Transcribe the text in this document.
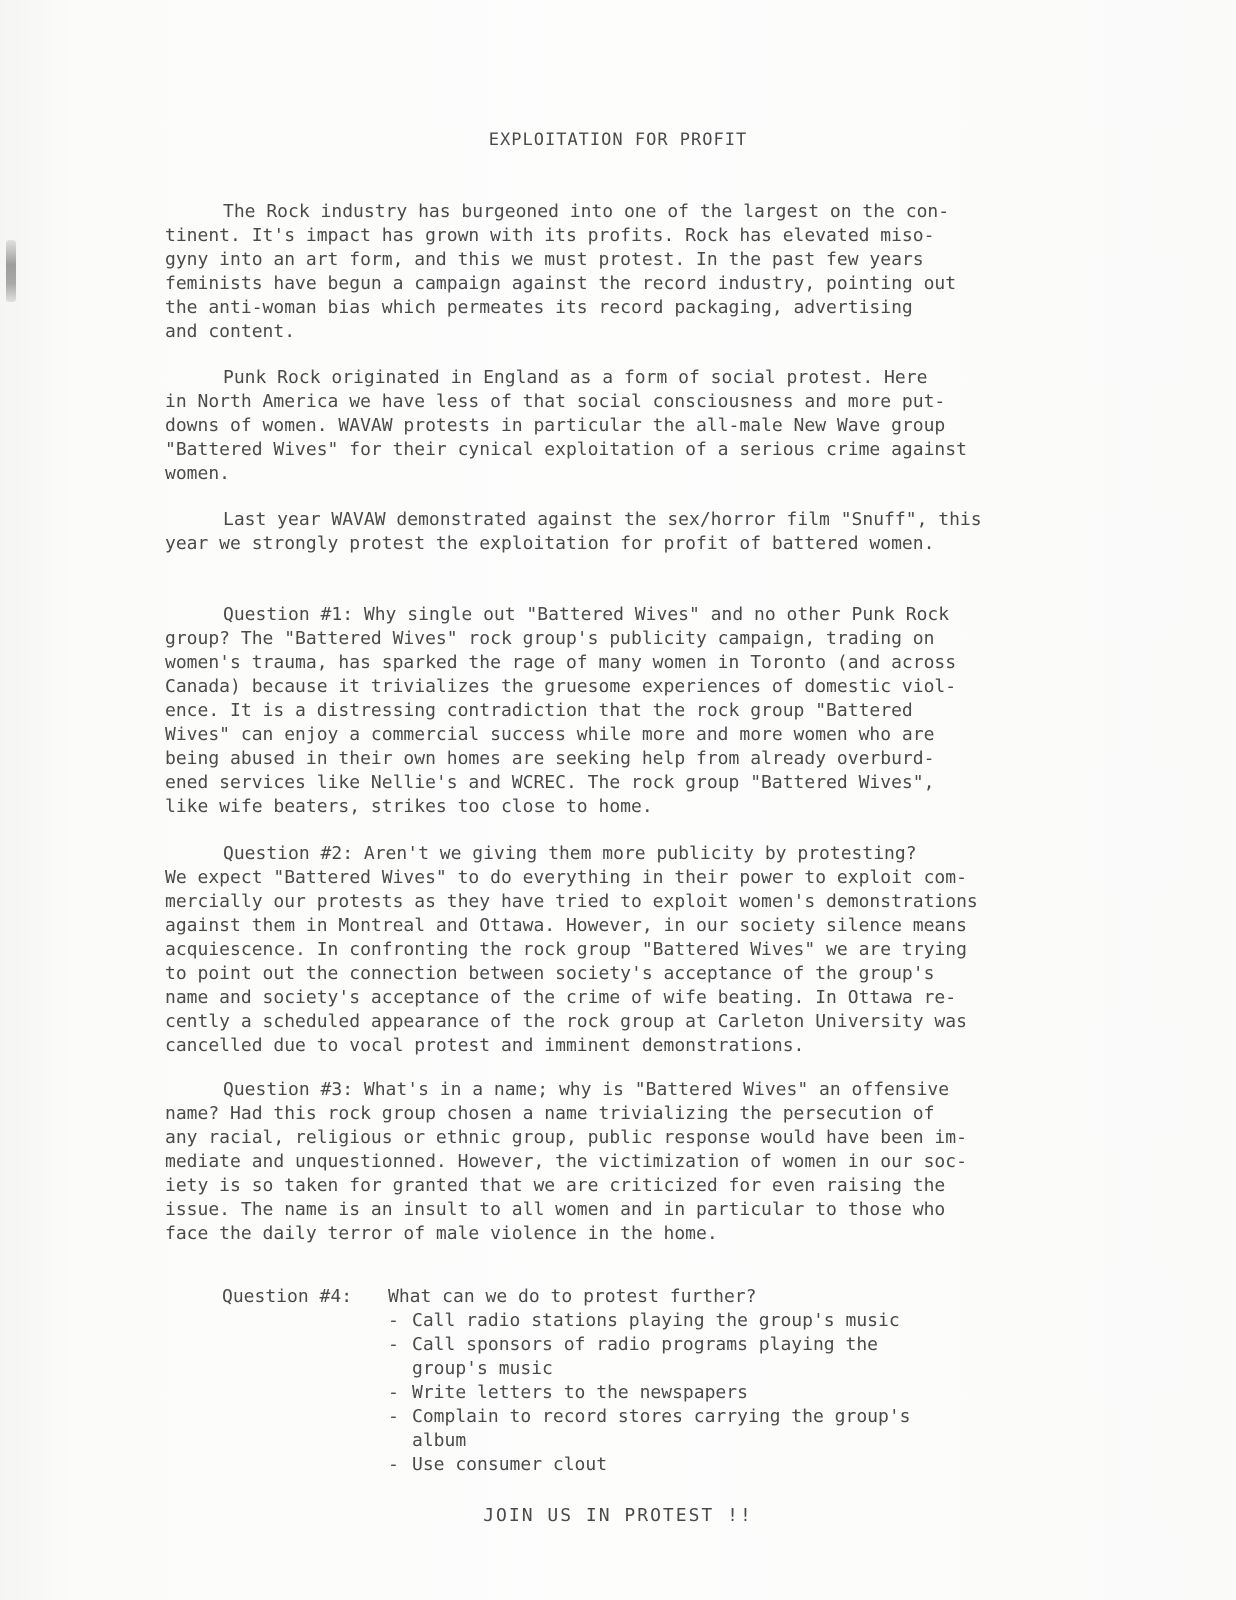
EXPLOITATION FOR PROFIT
The Rock industry has burgeoned into one of the largest on the con-
tinent. It's impact has grown with its profits. Rock has elevated miso-
gyny into an art form, and this we must protest. In the past few years
feminists have begun a campaign against the record industry, pointing out
the anti-woman bias which permeates its record packaging, advertising
and content.
Punk Rock originated in England as a form of social protest. Here
in North America we have less of that social consciousness and more put-
downs of women. WAVAW protests in particular the all-male New Wave group
"Battered Wives" for their cynical exploitation of a serious crime against
women.
Last year WAVAW demonstrated against the sex/horror film "Snuff", this
year we strongly protest the exploitation for profit of battered women.
Question #1: Why single out "Battered Wives" and no other Punk Rock
group? The "Battered Wives" rock group's publicity campaign, trading on
women's trauma, has sparked the rage of many women in Toronto (and across
Canada) because it trivializes the gruesome experiences of domestic viol-
ence. It is a distressing contradiction that the rock group "Battered
Wives" can enjoy a commercial success while more and more women who are
being abused in their own homes are seeking help from already overburd-
ened services like Nellie's and WCREC. The rock group "Battered Wives",
like wife beaters, strikes too close to home.
Question #2: Aren't we giving them more publicity by protesting?
We expect "Battered Wives" to do everything in their power to exploit com-
mercially our protests as they have tried to exploit women's demonstrations
against them in Montreal and Ottawa. However, in our society silence means
acquiescence. In confronting the rock group "Battered Wives" we are trying
to point out the connection between society's acceptance of the group's
name and society's acceptance of the crime of wife beating. In Ottawa re-
cently a scheduled appearance of the rock group at Carleton University was
cancelled due to vocal protest and imminent demonstrations.
Question #3: What's in a name; why is "Battered Wives" an offensive
name? Had this rock group chosen a name trivializing the persecution of
any racial, religious or ethnic group, public response would have been im-
mediate and unquestionned. However, the victimization of women in our soc-
iety is so taken for granted that we are criticized for even raising the
issue. The name is an insult to all women and in particular to those who
face the daily terror of male violence in the home.
Question #4: What can we do to protest further?
- Call radio stations playing the group's music
- Call sponsors of radio programs playing the
group's music
- Write letters to the newspapers
- Complain to record stores carrying the group's
album
- Use consumer clout
JOIN US IN PROTEST !!
